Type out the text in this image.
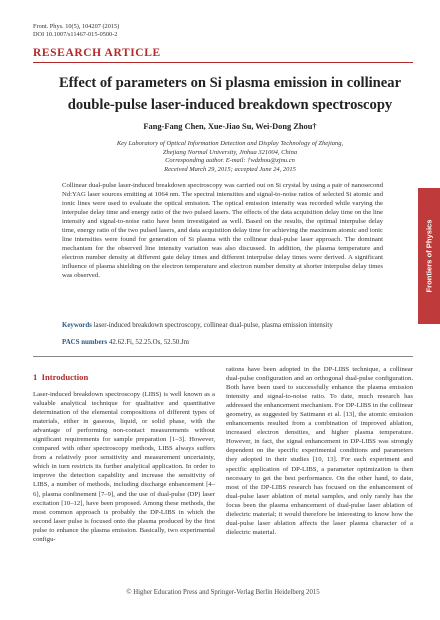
Front. Phys. 10(5), 104207 (2015)
DOI 10.1007/s11467-015-0500-2
RESEARCH ARTICLE
Effect of parameters on Si plasma emission in collinear
double-pulse laser-induced breakdown spectroscopy
Fang-Fang Chen, Xue-Jiao Su, Wei-Dong Zhou†
Key Laboratory of Optical Information Detection and Display Technology of Zhejiang,
Zhejiang Normal University, Jinhua 321004, China
Corresponding author. E-mail: †wdzhou@zjnu.cn
Received March 29, 2015; accepted June 24, 2015
Collinear dual-pulse laser-induced breakdown spectroscopy was carried out on Si crystal by using a pair of nanosecond Nd:YAG laser sources emitting at 1064 nm. The spectral intensities and signal-to-noise ratios of selected Si atomic and ionic lines were used to evaluate the optical emission. The optical emission intensity was recorded while varying the interpulse delay time and energy ratio of the two pulsed lasers. The effects of the data acquisition delay time on the line intensity and signal-to-noise ratio have been investigated as well. Based on the results, the optimal interpulse delay time, energy ratio of the two pulsed lasers, and data acquisition delay time for achieving the maximum atomic and ionic line intensities were found for generation of Si plasma with the collinear dual-pulse laser approach. The dominant mechanism for the observed line intensity variation was also discussed. In addition, the plasma temperature and electron number density at different gate delay times and different interpulse delay times were derived. A significant influence of plasma shielding on the electron temperature and electron number density at shorter interpulse delay times was observed.
Keywords laser-induced breakdown spectroscopy, collinear dual-pulse, plasma emission intensity
PACS numbers 42.62.Fi, 52.25.Os, 52.50.Jm
1 Introduction
Laser-induced breakdown spectroscopy (LIBS) is well known as a valuable analytical technique for qualitative and quantitative determination of the elemental compositions of different types of materials, either in gaseous, liquid, or solid phase, with the advantage of performing non-contact measurements without significant requirements for sample preparation [1–3]. However, compared with other spectroscopy methods, LIBS always suffers from a relatively poor sensitivity and measurement uncertainty, which in turn restricts its further analytical application. In order to improve the detection capability and increase the sensitivity of LIBS, a number of methods, including discharge enhancement [4–6], plasma confinement [7–9], and the use of dual-pulse (DP) laser excitation [10–12], have been proposed. Among these methods, the most common approach is probably the DP-LIBS in which the second laser pulse is focused onto the plasma produced by the first pulse to enhance the plasma emission. Basically, two experimental configu-
rations have been adopted in the DP-LIBS technique, a collinear dual-pulse configuration and an orthogonal dual-pulse configuration. Both have been used to successfully enhance the plasma emission intensity and signal-to-noise ratio. To date, much research has addressed the enhancement mechanism. For DP-LIBS in the collinear geometry, as suggested by Sattmann et al. [13], the atomic emission enhancements resulted from a combination of improved ablation, increased electron densities, and higher plasma temperature. However, in fact, the signal enhancement in DP-LIBS was strongly dependent on the specific experimental conditions and parameters they adopted in their studies [10, 13]. For each experiment and specific application of DP-LIBS, a parameter optimization is then necessary to get the best performance. On the other hand, to date, most of the DP-LIBS research has focused on the enhancement of dual-pulse laser ablation of metal samples, and only rarely has the focus been the plasma enhancement of dual-pulse laser ablation of dielectric material; it would therefore be interesting to know how the dual-pulse laser ablation affects the laser plasma character of a dielectric material.
Frontiers of Physics
© Higher Education Press and Springer-Verlag Berlin Heidelberg 2015
